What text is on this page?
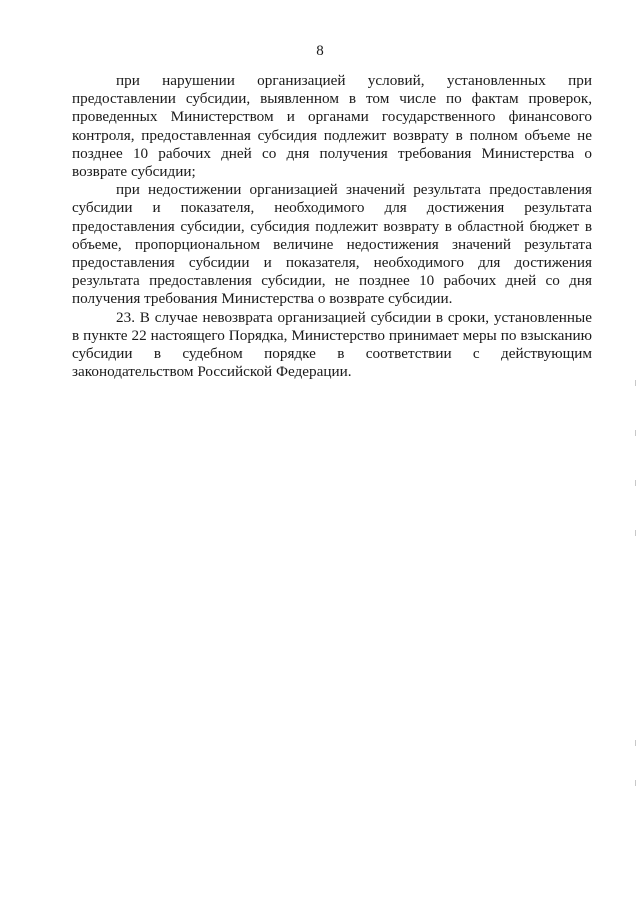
8

при нарушении организацией условий, установленных при предоставлении субсидии, выявленном в том числе по фактам проверок, проведенных Министерством и органами государственного финансового контроля, предоставленная субсидия подлежит возврату в полном объеме не позднее 10 рабочих дней со дня получения требования Министерства о возврате субсидии;

при недостижении организацией значений результата предоставления субсидии и показателя, необходимого для достижения результата предоставления субсидии, субсидия подлежит возврату в областной бюджет в объеме, пропорциональном величине недостижения значений результата предоставления субсидии и показателя, необходимого для достижения результата предоставления субсидии, не позднее 10 рабочих дней со дня получения требования Министерства о возврате субсидии.

23. В случае невозврата организацией субсидии в сроки, установленные в пункте 22 настоящего Порядка, Министерство принимает меры по взысканию субсидии в судебном порядке в соответствии с действующим законодательством Российской Федерации.
